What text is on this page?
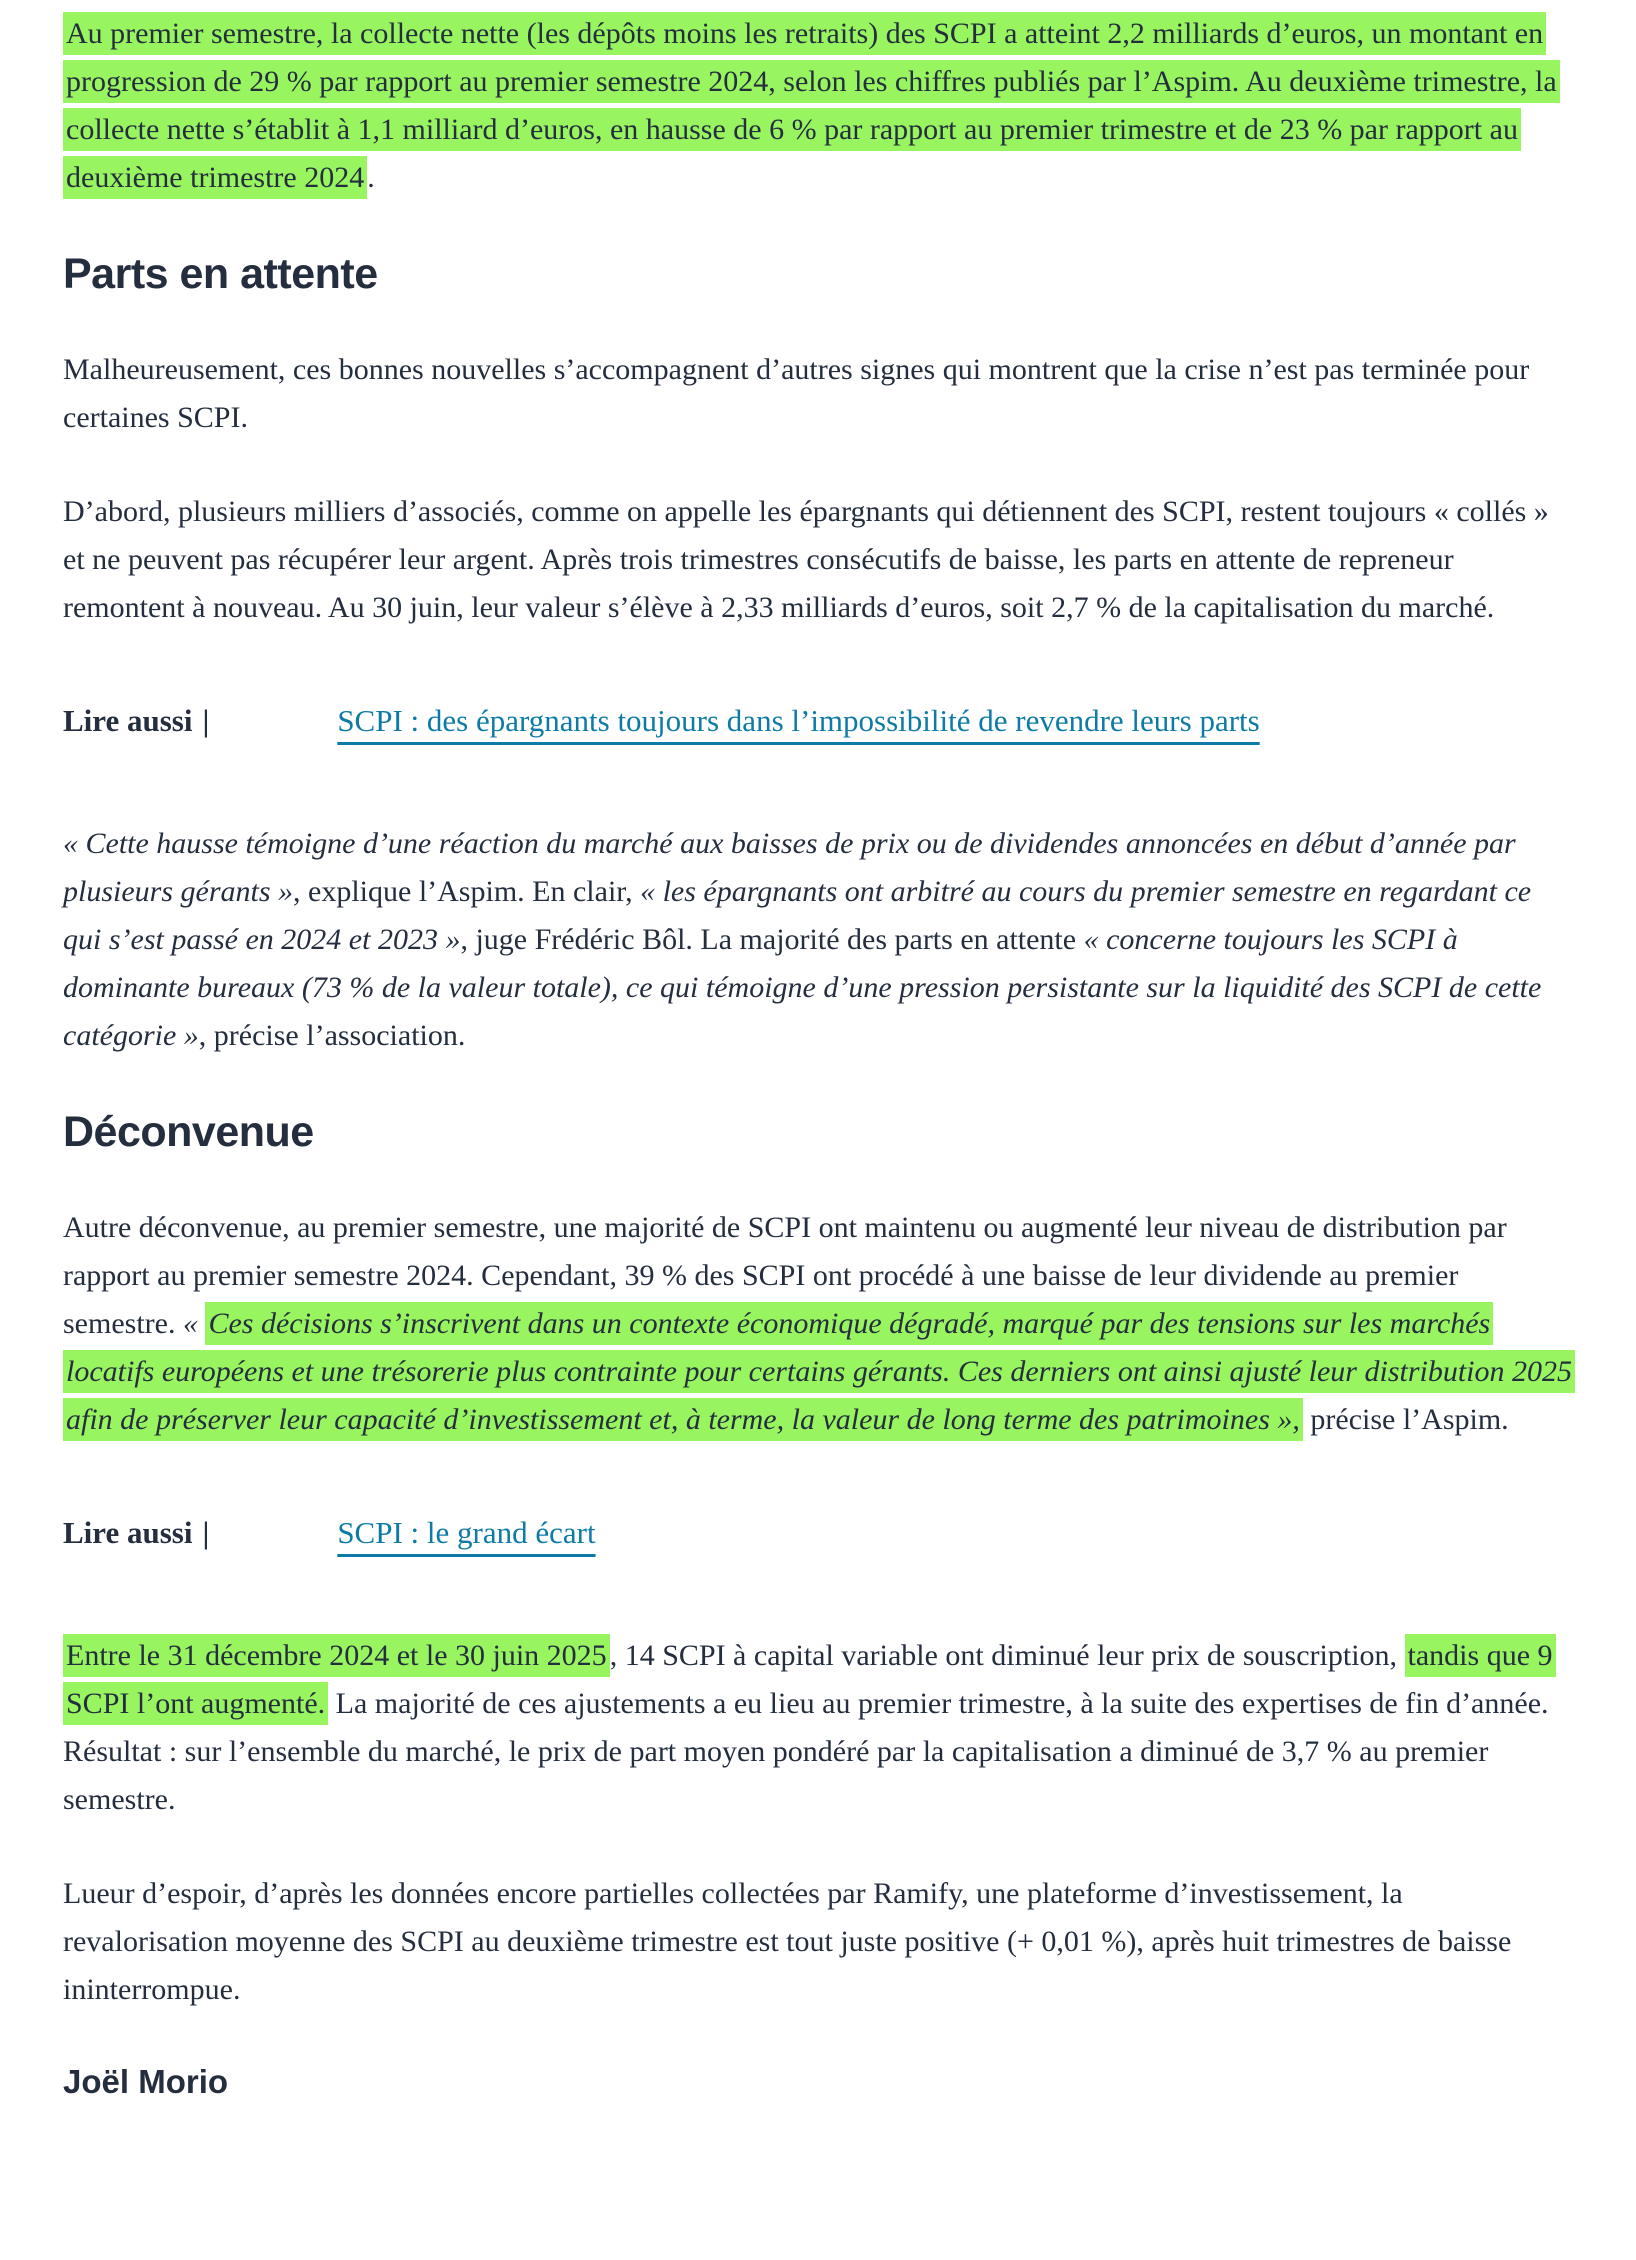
Au premier semestre, la collecte nette (les dépôts moins les retraits) des SCPI a atteint 2,2 milliards d’euros, un montant en progression de 29 % par rapport au premier semestre 2024, selon les chiffres publiés par l’Aspim. Au deuxième trimestre, la collecte nette s’établit à 1,1 milliard d’euros, en hausse de 6 % par rapport au premier trimestre et de 23 % par rapport au deuxième trimestre 2024 .

Parts en attente

Malheureusement, ces bonnes nouvelles s’accompagnent d’autres signes qui montrent que la crise n’est pas terminée pour certaines SCPI.

D’abord, plusieurs milliers d’associés, comme on appelle les épargnants qui détiennent des SCPI, restent toujours « collés » et ne peuvent pas récupérer leur argent. Après trois trimestres consécutifs de baisse, les parts en attente de repreneur remontent à nouveau. Au 30 juin, leur valeur s’élève à 2,33 milliards d’euros, soit 2,7 % de la capitalisation du marché.

Lire aussi |	SCPI : des épargnants toujours dans l’impossibilité de revendre leurs parts

« Cette hausse témoigne d’une réaction du marché aux baisses de prix ou de dividendes annoncées en début d’année par plusieurs gérants », explique l’Aspim. En clair, « les épargnants ont arbitré au cours du premier semestre en regardant ce qui s’est passé en 2024 et 2023 », juge Frédéric Bôl. La majorité des parts en attente « concerne toujours les SCPI à dominante bureaux (73 % de la valeur totale), ce qui témoigne d’une pression persistante sur la liquidité des SCPI de cette catégorie », précise l’association.

Déconvenue

Autre déconvenue, au premier semestre, une majorité de SCPI ont maintenu ou augmenté leur niveau de distribution par rapport au premier semestre 2024. Cependant, 39 % des SCPI ont procédé à une baisse de leur dividende au premier semestre. « Ces décisions s’inscrivent dans un contexte économique dégradé, marqué par des tensions sur les marchés locatifs européens et une trésorerie plus contrainte pour certains gérants. Ces derniers ont ainsi ajusté leur distribution 2025 afin de préserver leur capacité d’investissement et, à terme, la valeur de long terme des patrimoines », précise l’Aspim.

Lire aussi |	SCPI : le grand écart

Entre le 31 décembre 2024 et le 30 juin 2025 , 14 SCPI à capital variable ont diminué leur prix de souscription, tandis que 9 SCPI l’ont augmenté. La majorité de ces ajustements a eu lieu au premier trimestre, à la suite des expertises de fin d’année. Résultat : sur l’ensemble du marché, le prix de part moyen pondéré par la capitalisation a diminué de 3,7 % au premier semestre.

Lueur d’espoir, d’après les données encore partielles collectées par Ramify, une plateforme d’investissement, la revalorisation moyenne des SCPI au deuxième trimestre est tout juste positive (+ 0,01 %), après huit trimestres de baisse ininterrompue.

Joël Morio
